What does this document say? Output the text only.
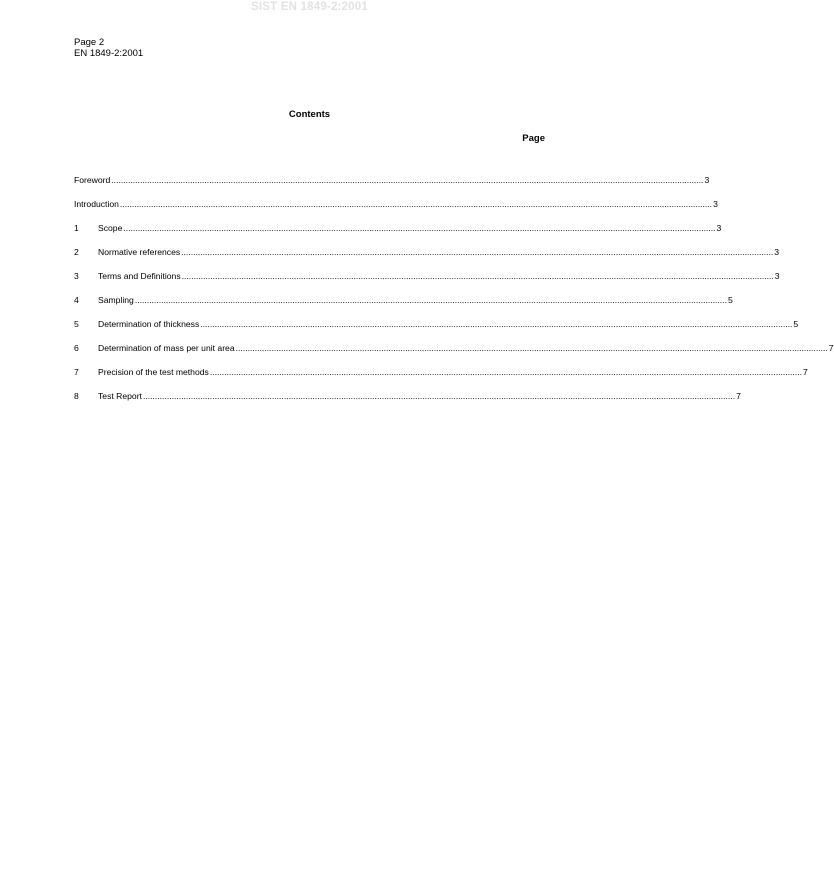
SIST EN 1849-2:2001
Page 2
EN 1849-2:2001
Contents
Page
Foreword ........................................................................................................................................................................................................................................................ 3
Introduction ........................................................................................................................................................................................................................................................ 3
1	Scope ........................................................................................................................................................................................................................................................ 3
2	Normative references ........................................................................................................................................................................................................................................................ 3
3	Terms and Definitions ........................................................................................................................................................................................................................................................ 3
4	Sampling ........................................................................................................................................................................................................................................................ 5
5	Determination of thickness ........................................................................................................................................................................................................................................................ 5
6	Determination of mass per unit area ........................................................................................................................................................................................................................................................ 7
7	Precision of the test methods ........................................................................................................................................................................................................................................................ 7
8	Test Report ........................................................................................................................................................................................................................................................ 7
